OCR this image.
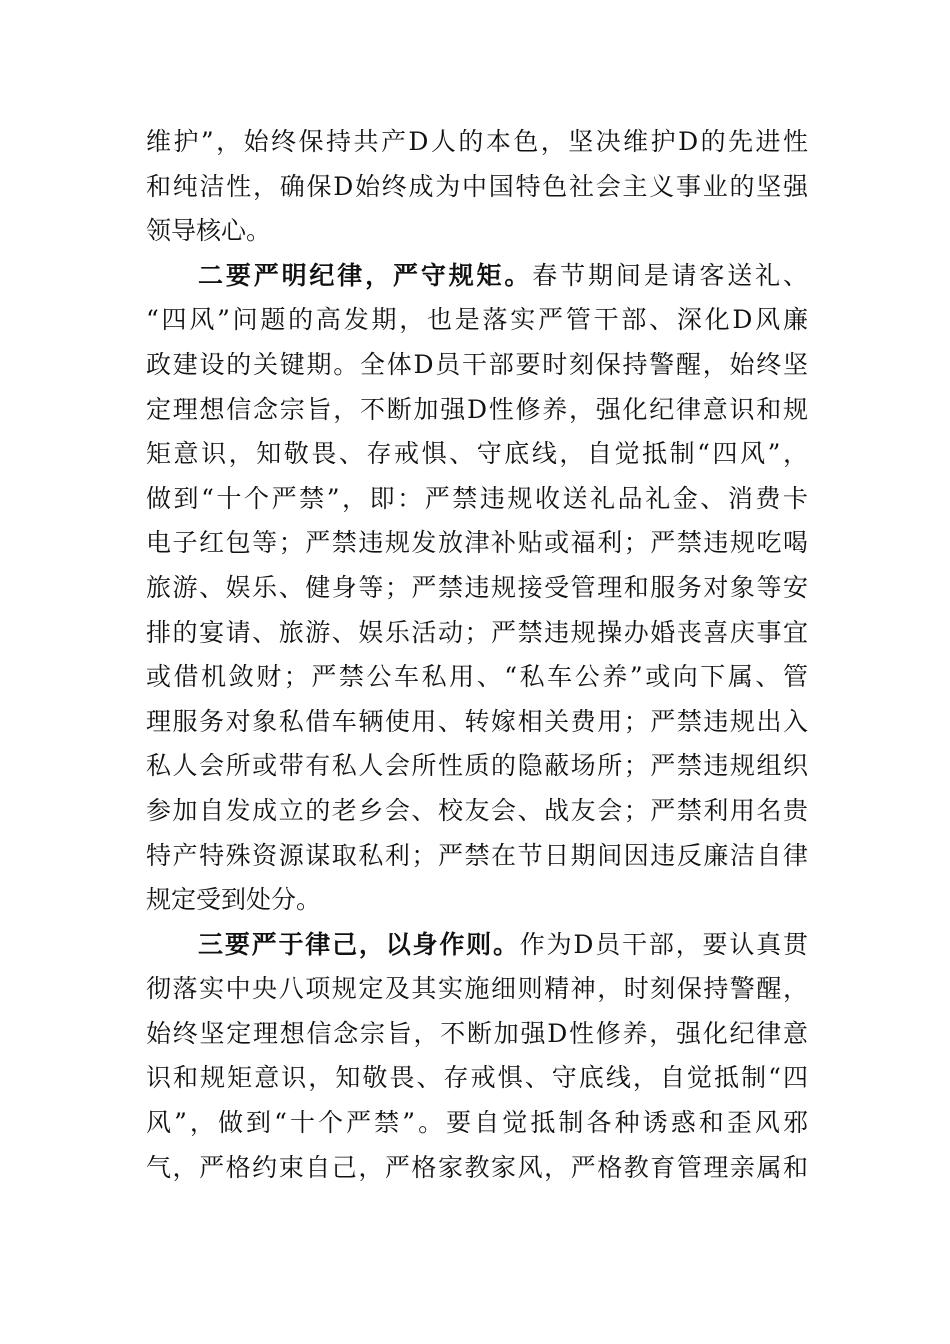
维护”，始终保持共产D人的本色，坚决维护D的先进性
和纯洁性，确保D始终成为中国特色社会主义事业的坚强
领导核心。
二要严明纪律，严守规矩。春节期间是请客送礼、
“四风”问题的高发期，也是落实严管干部、深化D风廉
政建设的关键期。全体D员干部要时刻保持警醒，始终坚
定理想信念宗旨，不断加强D性修养，强化纪律意识和规
矩意识，知敬畏、存戒惧、守底线，自觉抵制“四风”，
做到“十个严禁”，即：严禁违规收送礼品礼金、消费卡
电子红包等；严禁违规发放津补贴或福利；严禁违规吃喝
旅游、娱乐、健身等；严禁违规接受管理和服务对象等安
排的宴请、旅游、娱乐活动；严禁违规操办婚丧喜庆事宜
或借机敛财；严禁公车私用、“私车公养”或向下属、管
理服务对象私借车辆使用、转嫁相关费用；严禁违规出入
私人会所或带有私人会所性质的隐蔽场所；严禁违规组织
参加自发成立的老乡会、校友会、战友会；严禁利用名贵
特产特殊资源谋取私利；严禁在节日期间因违反廉洁自律
规定受到处分。
三要严于律己，以身作则。作为D员干部，要认真贯
彻落实中央八项规定及其实施细则精神，时刻保持警醒，
始终坚定理想信念宗旨，不断加强D性修养，强化纪律意
识和规矩意识，知敬畏、存戒惧、守底线，自觉抵制“四
风”，做到“十个严禁”。要自觉抵制各种诱惑和歪风邪
气，严格约束自己，严格家教家风，严格教育管理亲属和
